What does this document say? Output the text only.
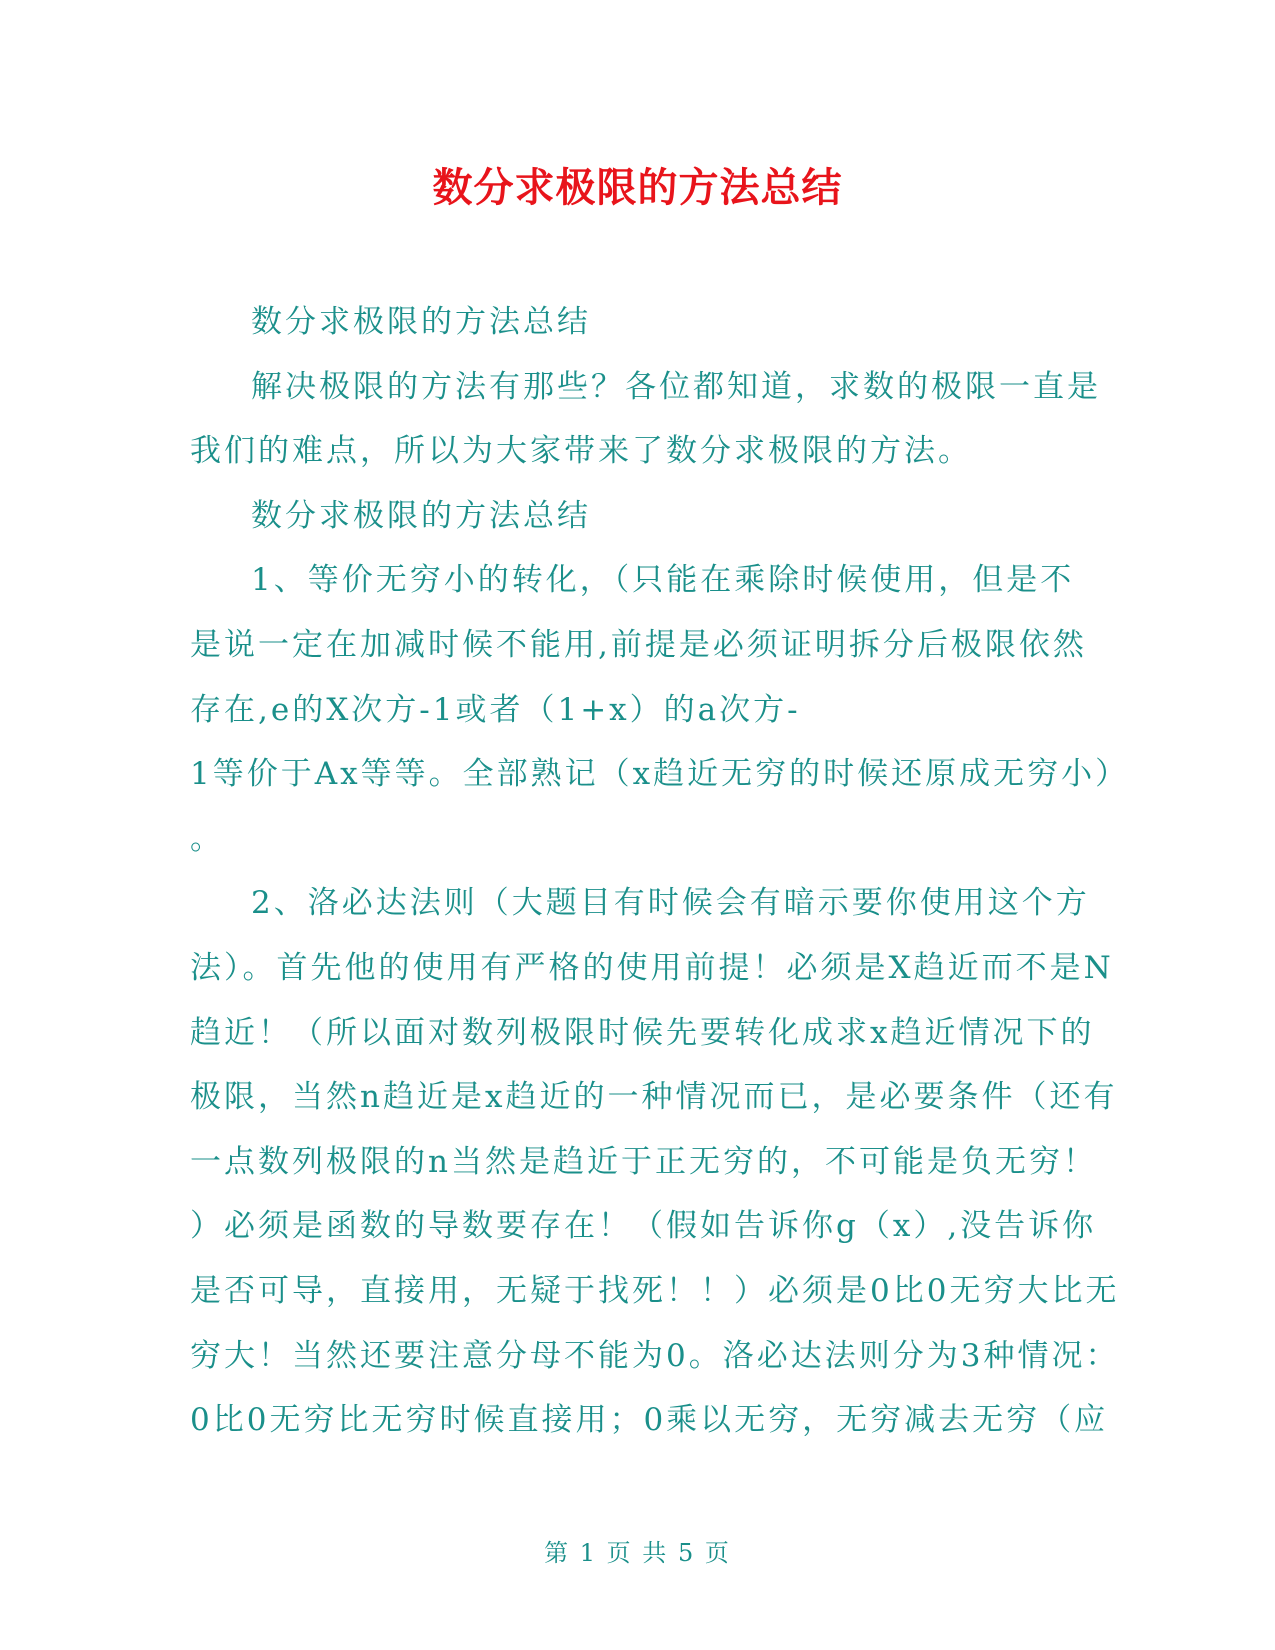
数分求极限的方法总结

数分求极限的方法总结

解决极限的方法有那些？各位都知道，求数的极限一直是

我们的难点，所以为大家带来了数分求极限的方法。

数分求极限的方法总结

1、等价无穷小的转化，（只能在乘除时候使用，但是不

是说一定在加减时候不能用,前提是必须证明拆分后极限依然

存在,e的X次方-1或者（1+x）的a次方-

1等价于Ax等等。全部熟记（x趋近无穷的时候还原成无穷小）

。

2、洛必达法则（大题目有时候会有暗示要你使用这个方

法）。首先他的使用有严格的使用前提！必须是X趋近而不是N

趋近！（所以面对数列极限时候先要转化成求x趋近情况下的

极限，当然n趋近是x趋近的一种情况而已，是必要条件（还有

一点数列极限的n当然是趋近于正无穷的，不可能是负无穷！

）必须是函数的导数要存在！（假如告诉你g（x）,没告诉你

是否可导，直接用，无疑于找死！！）必须是0比0无穷大比无

穷大！当然还要注意分母不能为0。洛必达法则分为3种情况：

0比0无穷比无穷时候直接用；0乘以无穷，无穷减去无穷（应

第 1 页 共 5 页
